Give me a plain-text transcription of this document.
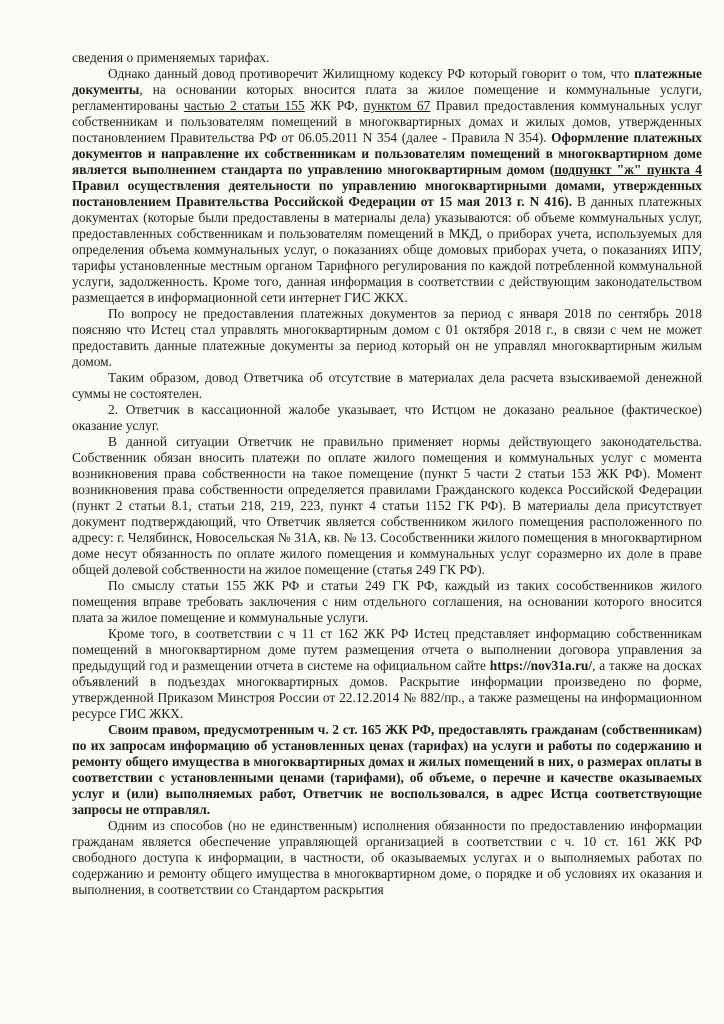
сведения о применяемых тарифах.

Однако данный довод противоречит Жилищному кодексу РФ который говорит о том, что платежные документы, на основании которых вносится плата за жилое помещение и коммунальные услуги, регламентированы частью 2 статьи 155 ЖК РФ, пунктом 67 Правил предоставления коммунальных услуг собственникам и пользователям помещений в многоквартирных домах и жилых домов, утвержденных постановлением Правительства РФ от 06.05.2011 N 354 (далее - Правила N 354). Оформление платежных документов и направление их собственникам и пользователям помещений в многоквартирном доме является выполнением стандарта по управлению многоквартирным домом (подпункт "ж" пункта 4 Правил осуществления деятельности по управлению многоквартирными домами, утвержденных постановлением Правительства Российской Федерации от 15 мая 2013 г. N 416). В данных платежных документах (которые были предоставлены в материалы дела) указываются: об объеме коммунальных услуг, предоставленных собственникам и пользователям помещений в МКД, о приборах учета, используемых для определения объема коммунальных услуг, о показаниях обще домовых приборах учета, о показаниях ИПУ, тарифы установленные местным органом Тарифного регулирования по каждой потребленной коммунальной услуги, задолженность. Кроме того, данная информация в соответствии с действующим законодательством размещается в информационной сети интернет ГИС ЖКХ.

По вопросу не предоставления платежных документов за период с января 2018 по сентябрь 2018 поясняю что Истец стал управлять многоквартирным домом с 01 октября 2018 г., в связи с чем не может предоставить данные платежные документы за период который он не управлял многоквартирным жилым домом.

Таким образом, довод Ответчика об отсутствие в материалах дела расчета взыскиваемой денежной суммы не состоятелен.

2. Ответчик в кассационной жалобе указывает, что Истцом не доказано реальное (фактическое) оказание услуг.

В данной ситуации Ответчик не правильно применяет нормы действующего законодательства. Собственник обязан вносить платежи по оплате жилого помещения и коммунальных услуг с момента возникновения права собственности на такое помещение (пункт 5 части 2 статьи 153 ЖК РФ). Момент возникновения права собственности определяется правилами Гражданского кодекса Российской Федерации (пункт 2 статьи 8.1, статьи 218, 219, 223, пункт 4 статьи 1152 ГК РФ). В материалы дела присутствует документ подтверждающий, что Ответчик является собственником жилого помещения расположенного по адресу: г. Челябинск, Новосельская № 31А, кв. № 13. Сособственники жилого помещения в многоквартирном доме несут обязанность по оплате жилого помещения и коммунальных услуг соразмерно их доле в праве общей долевой собственности на жилое помещение (статья 249 ГК РФ).

По смыслу статьи 155 ЖК РФ и статьи 249 ГК РФ, каждый из таких сособственников жилого помещения вправе требовать заключения с ним отдельного соглашения, на основании которого вносится плата за жилое помещение и коммунальные услуги.

Кроме того, в соответствии с ч 11 ст 162 ЖК РФ Истец представляет информацию собственникам помещений в многоквартирном доме путем размещения отчета о выполнении договора управления за предыдущий год и размещении отчета в системе на официальном сайте https://nov31a.ru/, а также на досках объявлений в подъездах многоквартирных домов. Раскрытие информации произведено по форме, утвержденной Приказом Минстроя России от 22.12.2014 № 882/пр., а также размещены на информационном ресурсе ГИС ЖКХ.

Своим правом, предусмотренным ч. 2 ст. 165 ЖК РФ, предоставлять гражданам (собственникам) по их запросам информацию об установленных ценах (тарифах) на услуги и работы по содержанию и ремонту общего имущества в многоквартирных домах и жилых помещений в них, о размерах оплаты в соответствии с установленными ценами (тарифами), об объеме, о перечне и качестве оказываемых услуг и (или) выполняемых работ, Ответчик не воспользовался, в адрес Истца соответствующие запросы не отправлял.

Одним из способов (но не единственным) исполнения обязанности по предоставлению информации гражданам является обеспечение управляющей организацией в соответствии с ч. 10 ст. 161 ЖК РФ свободного доступа к информации, в частности, об оказываемых услугах и о выполняемых работах по содержанию и ремонту общего имущества в многоквартирном доме, о порядке и об условиях их оказания и выполнения, в соответствии со Стандартом раскрытия
